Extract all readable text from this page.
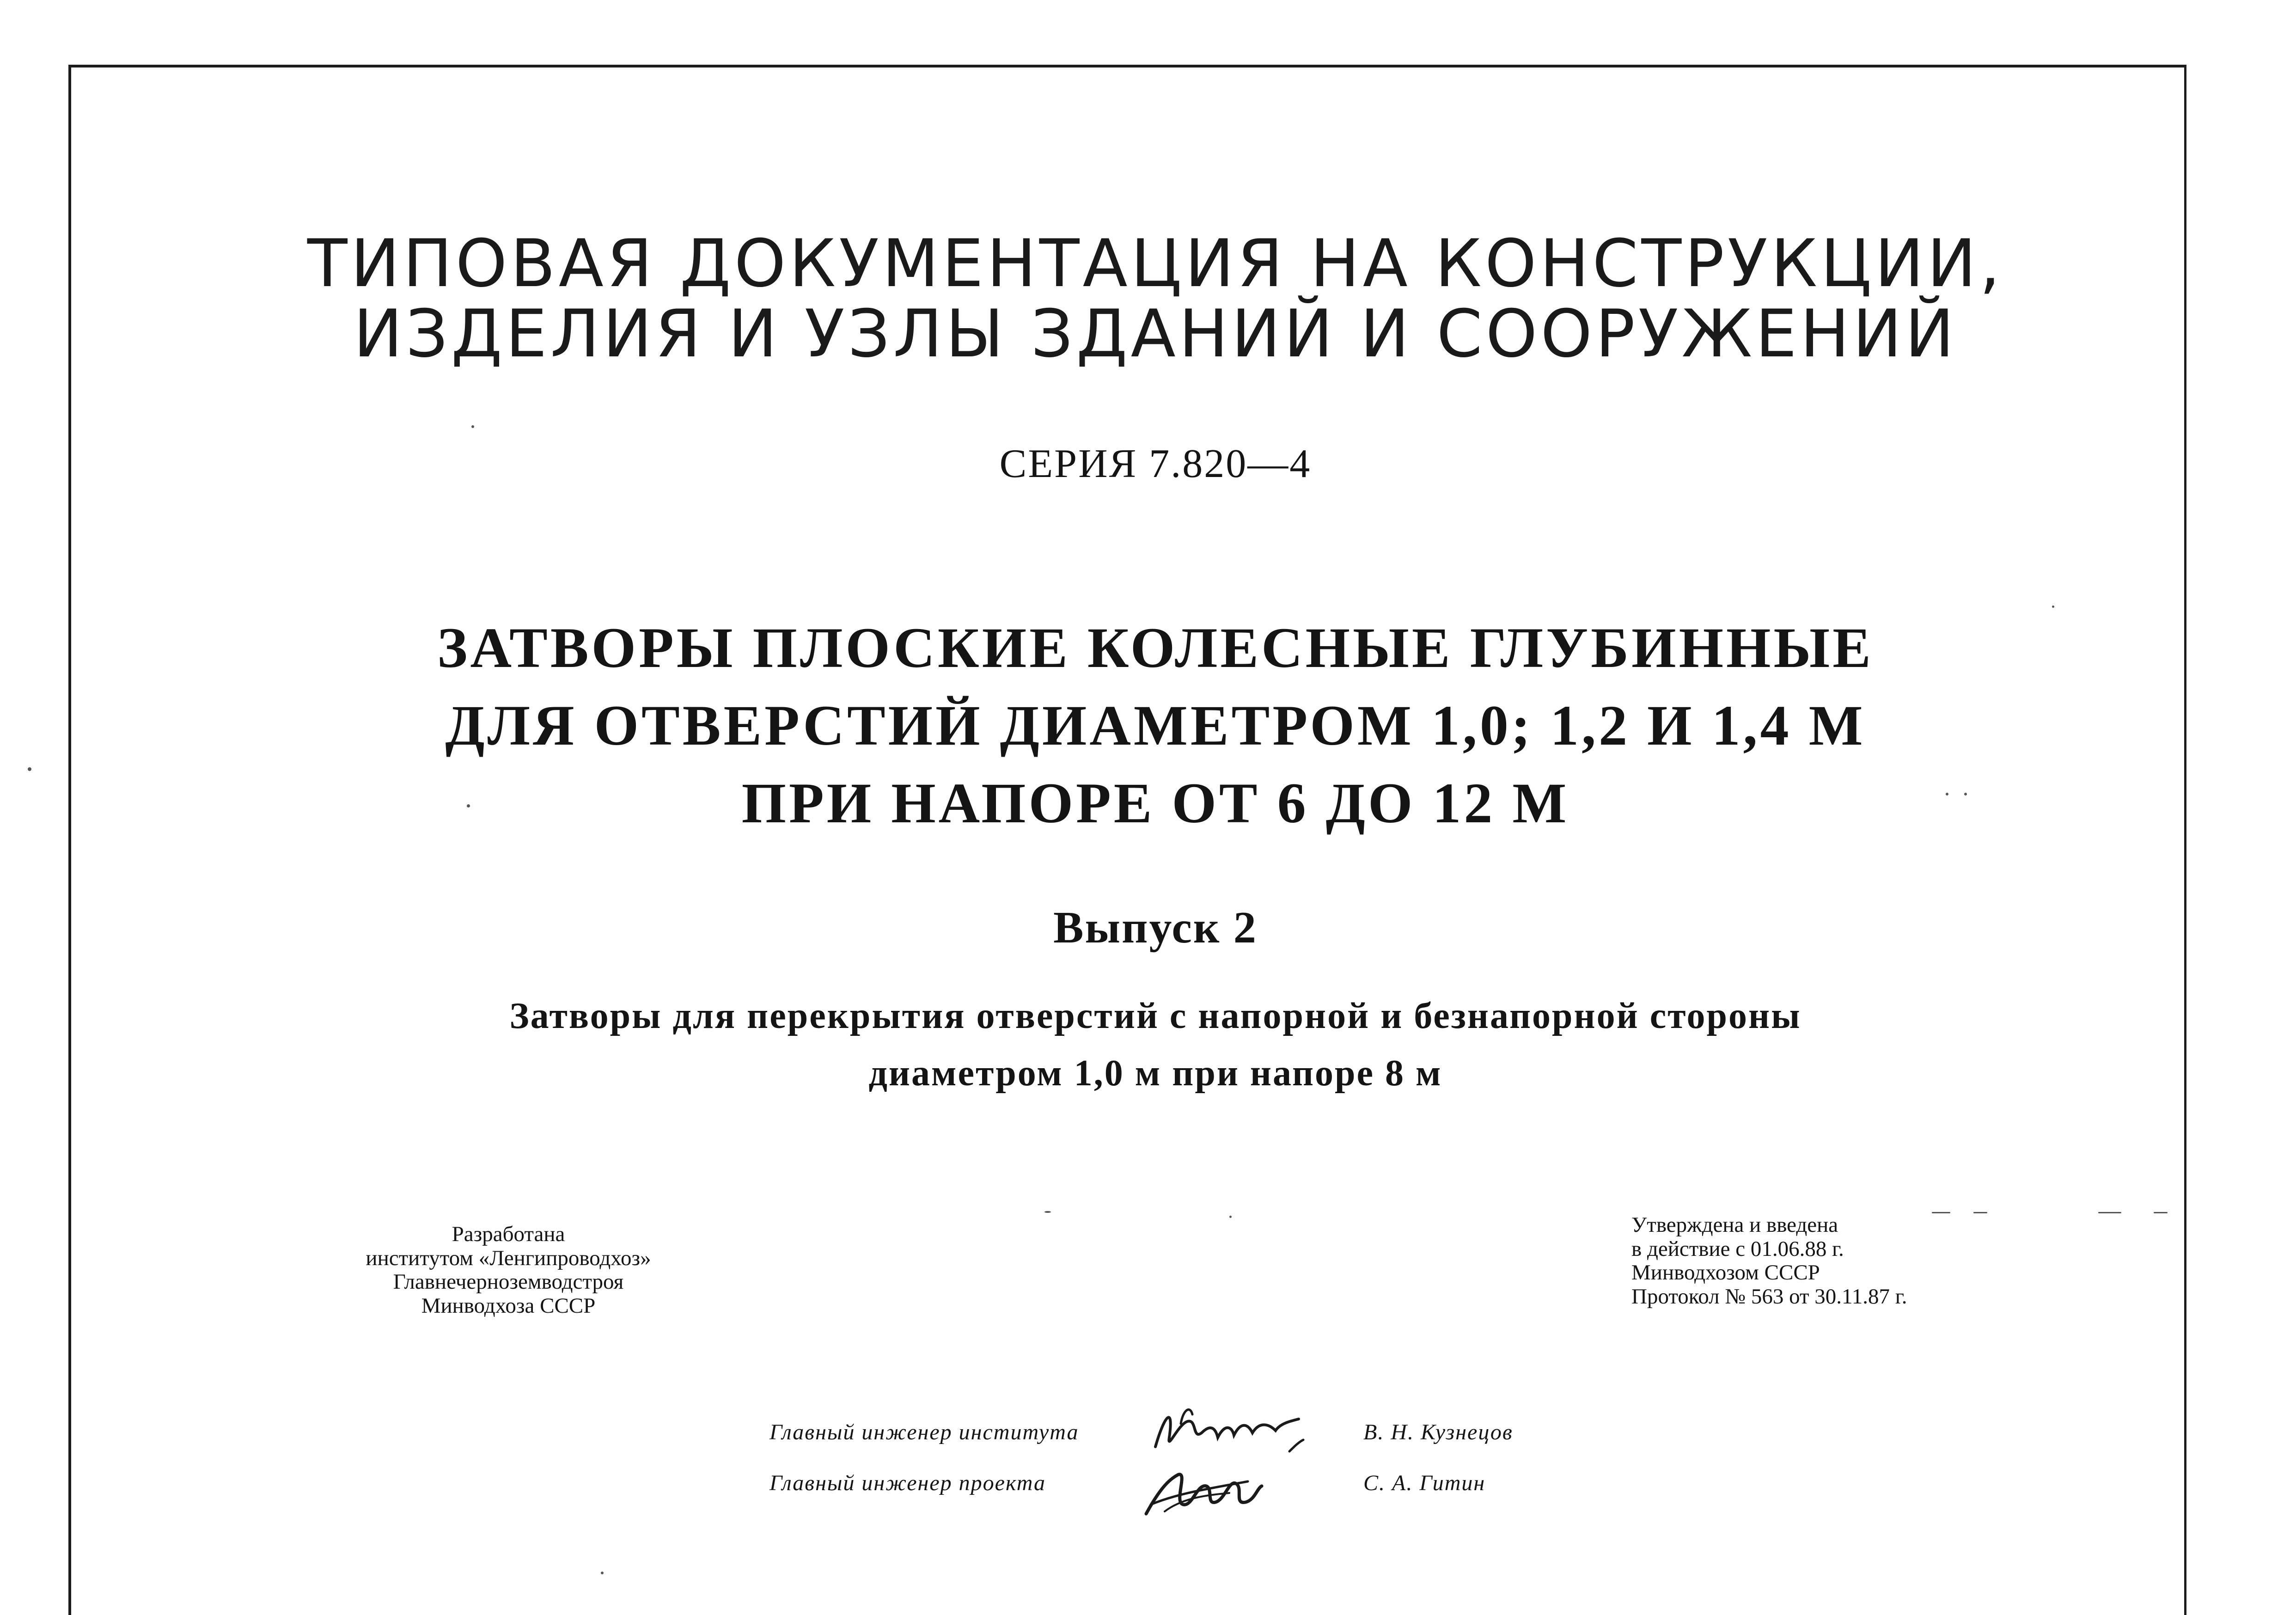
ТИПОВАЯ ДОКУМЕНТАЦИЯ НА КОНСТРУКЦИИ,
ИЗДЕЛИЯ И УЗЛЫ ЗДАНИЙ И СООРУЖЕНИЙ
СЕРИЯ 7.820—4
ЗАТВОРЫ ПЛОСКИЕ КОЛЕСНЫЕ ГЛУБИННЫЕ
ДЛЯ ОТВЕРСТИЙ ДИАМЕТРОМ 1,0; 1,2 И 1,4 М
ПРИ НАПОРЕ ОТ 6 ДО 12 М
Выпуск 2
Затворы для перекрытия отверстий с напорной и безнапорной стороны
диаметром 1,0 м при напоре 8 м
Разработана
институтом «Ленгипроводхоз»
Главнечерноземводстроя
Минводхоза СССР
Утверждена и введена
в действие с 01.06.88 г.
Минводхозом СССР
Протокол № 563 от 30.11.87 г.
Главный инженер института	В. Н. Кузнецов
Главный инженер проекта	С. А. Гитин
